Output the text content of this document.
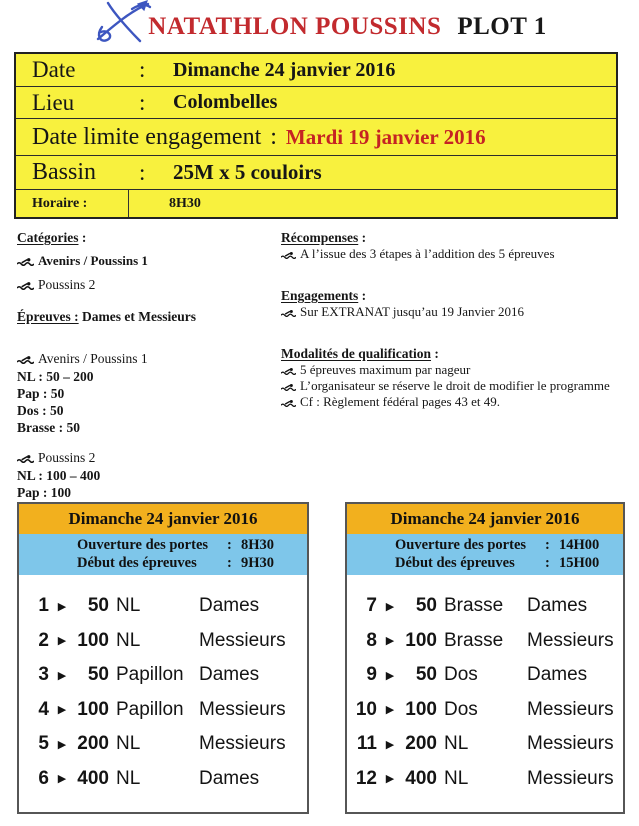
NATATHLON POUSSINS PLOT 1
Date	:	Dimanche 24 janvier 2016
Lieu	:	Colombelles
Date limite engagement : Mardi 19 janvier 2016
Bassin	:	25M x 5 couloirs
Horaire :	8H30
Catégories :
Avenirs / Poussins 1
Poussins 2
Épreuves : Dames et Messieurs
Avenirs / Poussins 1
NL : 50 – 200
Pap : 50
Dos : 50
Brasse : 50
Poussins 2
NL : 100 – 400
Pap : 100
Récompenses :
A l’issue des 3 étapes à l’addition des 5 épreuves
Engagements :
Sur EXTRANAT jusqu’au 19 Janvier 2016
Modalités de qualification :
5 épreuves maximum par nageur
L’organisateur se réserve le droit de modifier le programme
Cf : Règlement fédéral pages 43 et 49.
Dimanche 24 janvier 2016
Ouverture des portes	: 8H30
Début des épreuves	: 9H30
1 ▶	50 NL	Dames
2 ▶ 100 NL	Messieurs
3 ▶	50 Papillon Dames
4 ▶ 100 Papillon Messieurs
5 ▶ 200 NL	Messieurs
6 ▶ 400 NL	Dames
Dimanche 24 janvier 2016
Ouverture des portes	: 14H00
Début des épreuves	: 15H00
7 ▶	50 Brasse	Dames
8 ▶ 100 Brasse	Messieurs
9 ▶	50 Dos	Dames
10 ▶ 100 Dos	Messieurs
11 ▶ 200 NL	Messieurs
12 ▶ 400 NL	Messieurs
